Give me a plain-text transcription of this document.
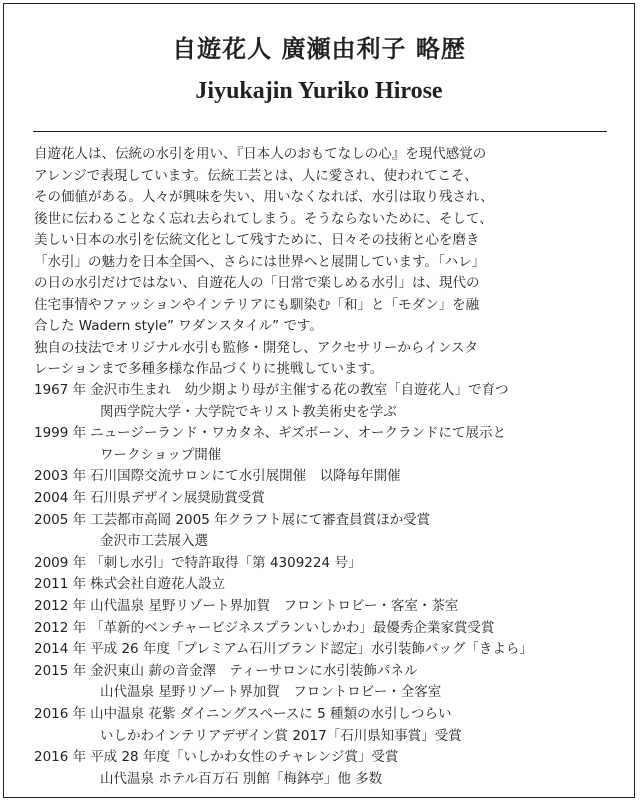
自遊花人 廣瀬由利子 略歴
Jiyukajin Yuriko Hirose
自遊花人は、伝統の水引を用い、『日本人のおもてなしの心』を現代感覚の
アレンジで表現しています。伝統工芸とは、人に愛され、使われてこそ、
その価値がある。人々が興味を失い、用いなくなれば、水引は取り残され、
後世に伝わることなく忘れ去られてしまう。そうならないために、そして、
美しい日本の水引を伝統文化として残すために、日々その技術と心を磨き
「水引」の魅力を日本全国へ、さらには世界へと展開しています。「ハレ」
の日の水引だけではない、自遊花人の「日常で楽しめる水引」は、現代の
住宅事情やファッションやインテリアにも馴染む「和」と「モダン」を融
合した Wadern style” ワダンスタイル” です。
独自の技法でオリジナル水引も監修・開発し、アクセサリーからインスタ
レーションまで多種多様な作品づくりに挑戦しています。
1967 年 金沢市生まれ　幼少期より母が主催する花の教室「自遊花人」で育つ
関西学院大学・大学院でキリスト教美術史を学ぶ
1999 年 ニュージーランド・ワカタネ、ギズボーン、オークランドにて展示と
ワークショップ開催
2003 年 石川国際交流サロンにて水引展開催　以降毎年開催
2004 年 石川県デザイン展奨励賞受賞
2005 年 工芸都市高岡 2005 年クラフト展にて審査員賞ほか受賞
金沢市工芸展入選
2009 年 「刺し水引」で特許取得「第 4309224 号」
2011 年 株式会社自遊花人設立
2012 年 山代温泉 星野リゾート界加賀　フロントロビー・客室・茶室
2012 年 「革新的ベンチャービジネスプランいしかわ」最優秀企業家賞受賞
2014 年 平成 26 年度「プレミアム石川ブランド認定」水引装飾バッグ「きよら」
2015 年 金沢東山 薪の音金澤　ティーサロンに水引装飾パネル
山代温泉 星野リゾート界加賀　フロントロビー・全客室
2016 年 山中温泉 花紫 ダイニングスペースに 5 種類の水引しつらい
いしかわインテリアデザイン賞 2017「石川県知事賞」受賞
2016 年 平成 28 年度「いしかわ女性のチャレンジ賞」受賞
山代温泉 ホテル百万石 別館「梅鉢亭」他 多数
